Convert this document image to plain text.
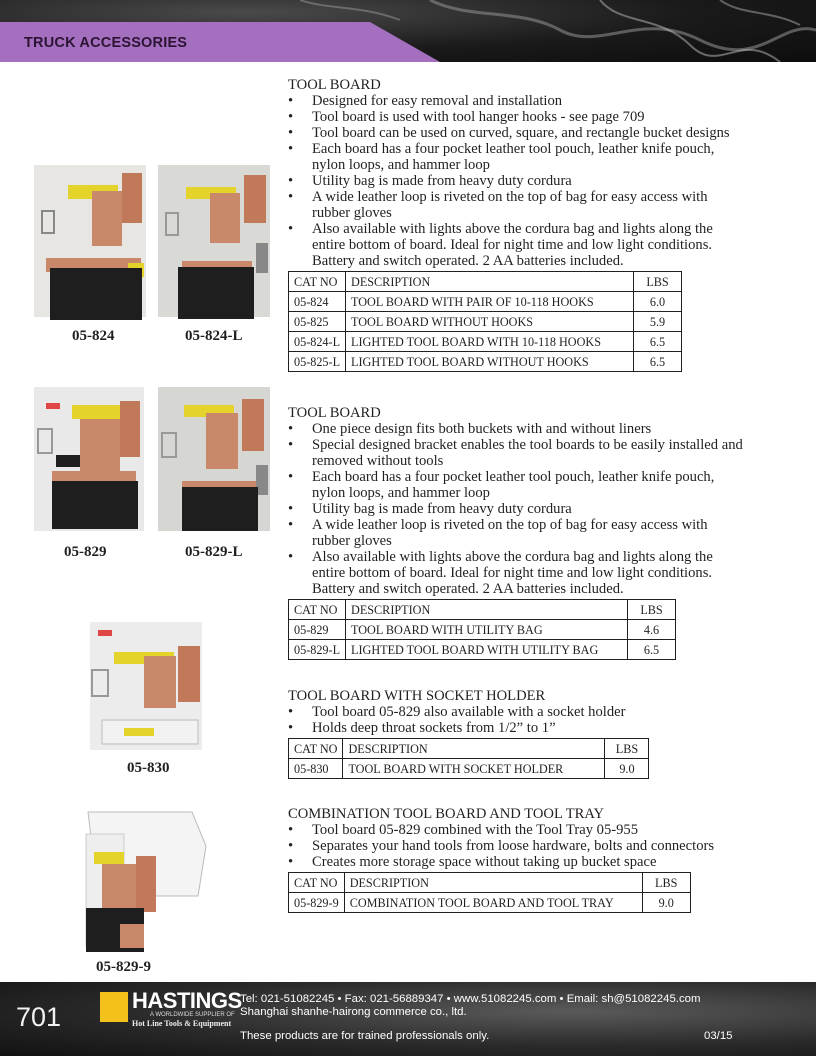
TRUCK ACCESSORIES
05-824	05-824-L
05-829	05-829-L
05-830
05-829-9
TOOL BOARD
• Designed for easy removal and installation
• Tool board is used with tool hanger hooks - see page 709
• Tool board can be used on curved, square, and rectangle bucket designs
• Each board has a four pocket leather tool pouch, leather knife pouch, nylon loops, and hammer loop
• Utility bag is made from heavy duty cordura
• A wide leather loop is riveted on the top of bag for easy access with rubber gloves
• Also available with lights above the cordura bag and lights along the entire bottom of board. Ideal for night time and low light conditions. Battery and switch operated. 2 AA batteries included.
CAT NO	DESCRIPTION	LBS
05-824	TOOL BOARD WITH PAIR OF 10-118 HOOKS	6.0
05-825	TOOL BOARD WITHOUT HOOKS	5.9
05-824-L	LIGHTED TOOL BOARD WITH 10-118 HOOKS	6.5
05-825-L	LIGHTED TOOL BOARD WITHOUT HOOKS	6.5
TOOL BOARD
• One piece design fits both buckets with and without liners
• Special designed bracket enables the tool boards to be easily installed and removed without tools
• Each board has a four pocket leather tool pouch, leather knife pouch, nylon loops, and hammer loop
• Utility bag is made from heavy duty cordura
• A wide leather loop is riveted on the top of bag for easy access with rubber gloves
• Also available with lights above the cordura bag and lights along the entire bottom of board. Ideal for night time and low light conditions. Battery and switch operated. 2 AA batteries included.
CAT NO	DESCRIPTION	LBS
05-829	TOOL BOARD WITH UTILITY BAG	4.6
05-829-L	LIGHTED TOOL BOARD WITH UTILITY BAG	6.5
TOOL BOARD WITH SOCKET HOLDER
• Tool board 05-829 also available with a socket holder
• Holds deep throat sockets from 1/2” to 1”
CAT NO	DESCRIPTION	LBS
05-830	TOOL BOARD WITH SOCKET HOLDER	9.0
COMBINATION TOOL BOARD AND TOOL TRAY
• Tool board 05-829 combined with the Tool Tray 05-955
• Separates your hand tools from loose hardware, bolts and connectors
• Creates more storage space without taking up bucket space
CAT NO	DESCRIPTION	LBS
05-829-9	COMBINATION TOOL BOARD AND TOOL TRAY	9.0
701
HASTINGS
A WORLDWIDE SUPPLIER OF
Hot Line Tools & Equipment
Tel: 021-51082245 • Fax: 021-56889347 • www.51082245.com • Email: sh@51082245.com
Shanghai shanhe-hairong commerce co., ltd.
These products are for trained professionals only.	03/15
